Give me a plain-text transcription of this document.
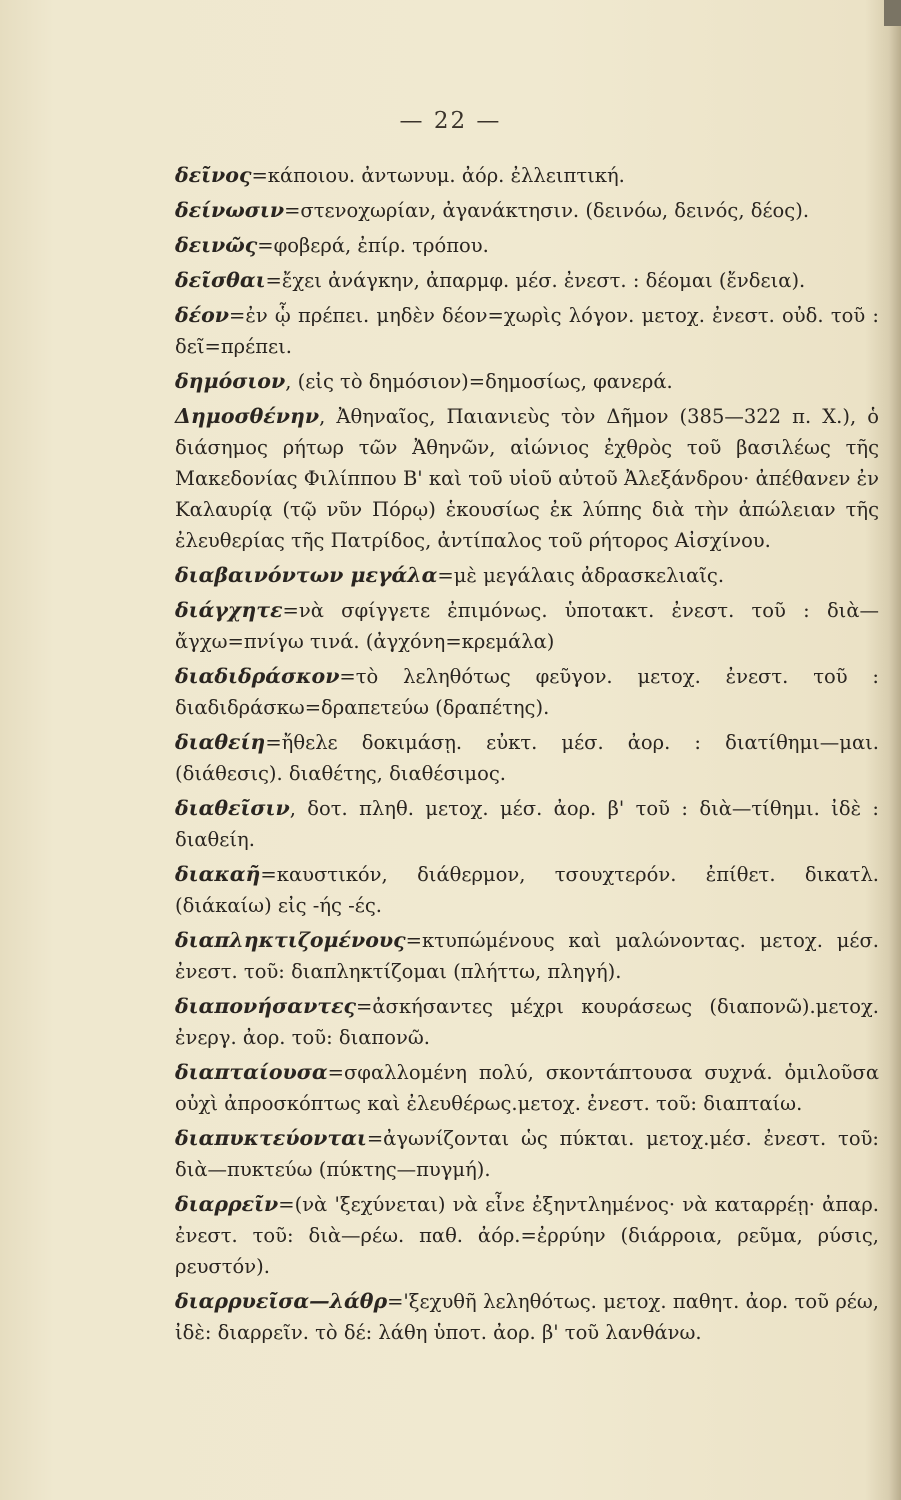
— 22 —
δεῖνος=κάποιου. ἀντωνυμ. ἀόρ. ἐλλειπτική.
δείνωσιν=στενοχωρίαν, ἀγανάκτησιν. (δεινόω, δεινός, δέος).
δεινῶς=φοβερά, ἐπίρ. τρόπου.
δεῖσθαι=ἔχει ἀνάγκην, ἀπαρμφ. μέσ. ἐνεστ. : δέομαι (ἔνδεια).
δέον=ἐν ᾧ πρέπει. μηδὲν δέον=χωρὶς λόγον. μετοχ. ἐνεστ. οὐδ. τοῦ : δεῖ=πρέπει.
δημόσιον, (εἰς τὸ δημόσιον)=δημοσίως, φανερά.
Δημοσθένην, Ἀθηναῖος, Παιανιεὺς τὸν Δῆμον (385—322 π. Χ.), ὁ διάσημος ρήτωρ τῶν Ἀθηνῶν, αἰώνιος ἐχθρὸς τοῦ βασιλέως τῆς Μακεδονίας Φιλίππου Β' καὶ τοῦ υἱοῦ αὐτοῦ Ἀλεξάνδρου· ἀπέθανεν ἐν Καλαυρίᾳ (τῷ νῦν Πόρῳ) ἑκουσίως ἐκ λύπης διὰ τὴν ἀπώλειαν τῆς ἐλευθερίας τῆς Πατρίδος, ἀντίπαλος τοῦ ρήτορος Αἰσχίνου.
διαβαινόντων μεγάλα=μὲ μεγάλαις ἀδρασκελιαῖς.
διάγχητε=νὰ σφίγγετε ἐπιμόνως. ὑποτακτ. ἐνεστ. τοῦ : διὰ—ἄγχω=πνίγω τινά. (ἀγχόνη=κρεμάλα)
διαδιδράσκον=τὸ λεληθότως φεῦγον. μετοχ. ἐνεστ. τοῦ : διαδιδράσκω=δραπετεύω (δραπέτης).
διαθείη=ἤθελε δοκιμάσῃ. εὐκτ. μέσ. ἀορ. : διατίθημι—μαι. (διάθεσις). διαθέτης, διαθέσιμος.
διαθεῖσιν, δοτ. πληθ. μετοχ. μέσ. ἀορ. β' τοῦ : διὰ—τίθημι. ἰδὲ : διαθείη.
διακαῆ=καυστικόν, διάθερμον, τσουχτερόν. ἐπίθετ. δικατλ. (διάκαίω) εἰς -ής -ές.
διαπληκτιζομένους=κτυπώμένους καὶ μαλώνοντας. μετοχ. μέσ. ἐνεστ. τοῦ: διαπληκτίζομαι (πλήττω, πληγή).
διαπονήσαντες=ἀσκήσαντες μέχρι κουράσεως (διαπονῶ).μετοχ. ἐνεργ. ἀορ. τοῦ: διαπονῶ.
διαπταίουσα=σφαλλομένη πολύ, σκοντάπτουσα συχνά. ὁμιλοῦσα οὐχὶ ἀπροσκόπτως καὶ ἐλευθέρως.μετοχ. ἐνεστ. τοῦ: διαπταίω.
διαπυκτεύονται=ἀγωνίζονται ὡς πύκται. μετοχ.μέσ. ἐνεστ. τοῦ: διὰ—πυκτεύω (πύκτης—πυγμή).
διαρρεῖν=(νὰ 'ξεχύνεται) νὰ εἶνε ἐξηντλημένος· νὰ καταρρέῃ· ἀπαρ. ἐνεστ. τοῦ: διὰ—ρέω. παθ. ἀόρ.=ἐρρύην (διάρροια, ρεῦμα, ρύσις, ρευστόν).
διαρρυεῖσα—λάθρ='ξεχυθῆ λεληθότως. μετοχ. παθητ. ἀορ. τοῦ ρέω, ἰδὲ: διαρρεῖν. τὸ δέ: λάθη ὑποτ. ἀορ. β' τοῦ λανθάνω.
